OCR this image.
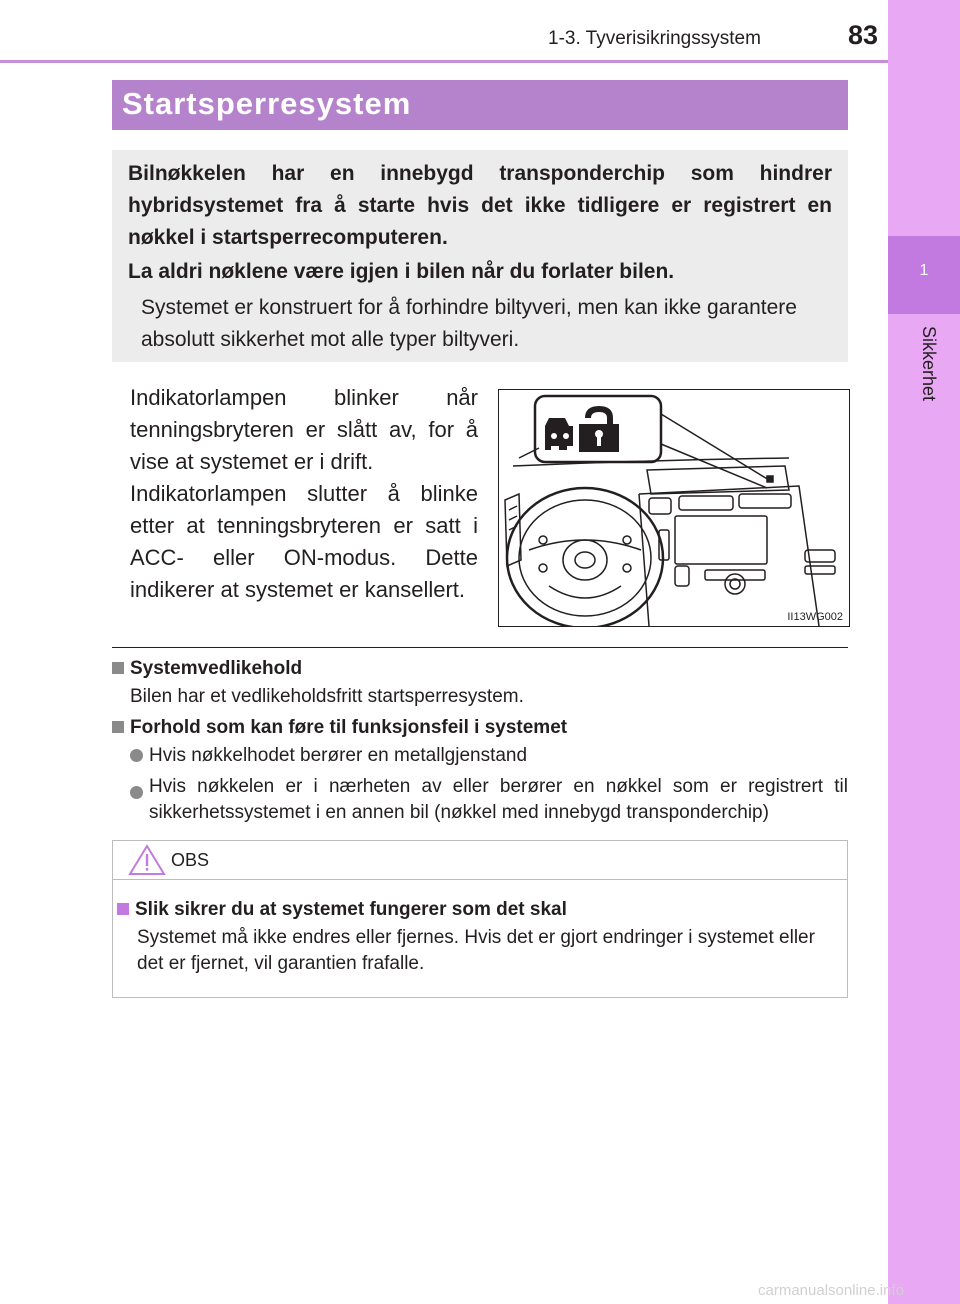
1-3. Tyverisikringssystem	83
1
Sikkerhet
Startsperresystem
Bilnøkkelen har en innebygd transponderchip som hindrer hybridsystemet fra å starte hvis det ikke tidligere er registrert en nøkkel i startsperrecomputeren.
La aldri nøklene være igjen i bilen når du forlater bilen.
Systemet er konstruert for å forhindre biltyveri, men kan ikke garantere absolutt sikkerhet mot alle typer biltyveri.
Indikatorlampen blinker når tenningsbryteren er slått av, for å vise at systemet er i drift.
Indikatorlampen slutter å blinke etter at tenningsbryteren er satt i ACC- eller ON-modus. Dette indikerer at systemet er kansellert.
II13WG002
Systemvedlikehold
Bilen har et vedlikeholdsfritt startsperresystem.
Forhold som kan føre til funksjonsfeil i systemet
Hvis nøkkelhodet berører en metallgjenstand
Hvis nøkkelen er i nærheten av eller berører en nøkkel som er registrert til sikkerhetssystemet i en annen bil (nøkkel med innebygd transponderchip)
OBS
Slik sikrer du at systemet fungerer som det skal
Systemet må ikke endres eller fjernes. Hvis det er gjort endringer i systemet eller det er fjernet, vil garantien frafalle.
carmanualsonline.info
